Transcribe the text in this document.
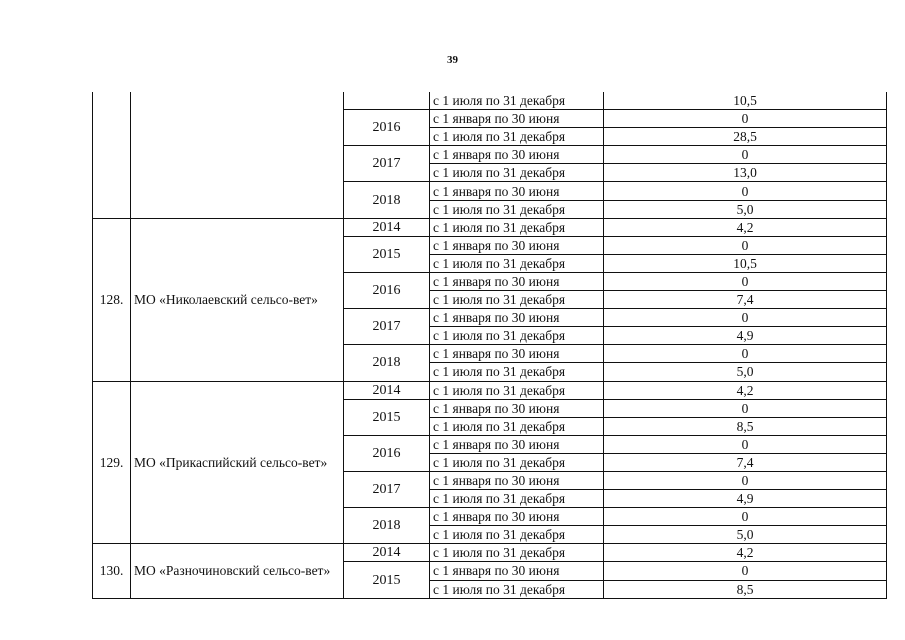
39
			с 1 июля по 31 декабря	10,5
		2016	с 1 января по 30 июня	0
			с 1 июля по 31 декабря	28,5
		2017	с 1 января по 30 июня	0
			с 1 июля по 31 декабря	13,0
		2018	с 1 января по 30 июня	0
			с 1 июля по 31 декабря	5,0
128.	МО «Николаевский сельсо-вет»	2014	с 1 июля по 31 декабря	4,2
		2015	с 1 января по 30 июня	0
			с 1 июля по 31 декабря	10,5
		2016	с 1 января по 30 июня	0
			с 1 июля по 31 декабря	7,4
		2017	с 1 января по 30 июня	0
			с 1 июля по 31 декабря	4,9
		2018	с 1 января по 30 июня	0
			с 1 июля по 31 декабря	5,0
129.	МО «Прикаспийский сельсо-вет»	2014	с 1 июля по 31 декабря	4,2
		2015	с 1 января по 30 июня	0
			с 1 июля по 31 декабря	8,5
		2016	с 1 января по 30 июня	0
			с 1 июля по 31 декабря	7,4
		2017	с 1 января по 30 июня	0
			с 1 июля по 31 декабря	4,9
		2018	с 1 января по 30 июня	0
			с 1 июля по 31 декабря	5,0
130.	МО «Разночиновский сельсо-вет»	2014	с 1 июля по 31 декабря	4,2
		2015	с 1 января по 30 июня	0
			с 1 июля по 31 декабря	8,5
